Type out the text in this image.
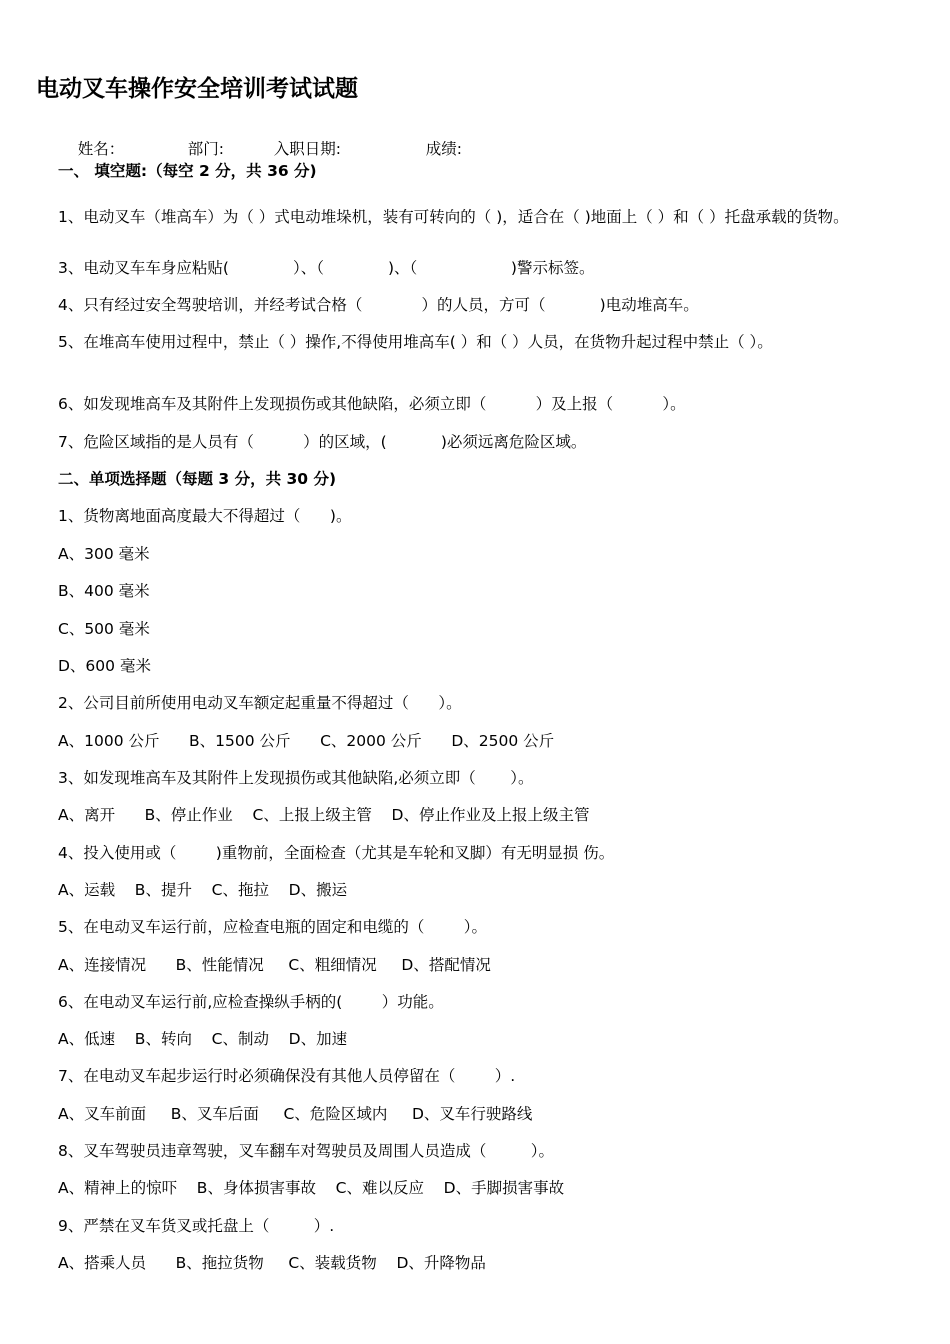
电动叉车操作安全培训考试试题

姓名：	部门:	入职日期:	成绩:

一、 填空题:（每空 2 分，共 36 分)
1、电动叉车（堆高车）为（ ）式电动堆垛机，装有可转向的（ )，适合在（ )地面上（ ）和（ ）托盘承载的货物。
3、电动叉车车身应粘贴(             ）、（             )、（                   )警示标签。
4、只有经过安全驾驶培训，并经考试合格（            ）的人员，方可（           )电动堆高车。
5、在堆高车使用过程中，禁止（ ）操作,不得使用堆高车( ）和（ ）人员，在货物升起过程中禁止（ ）。
6、如发现堆高车及其附件上发现损伤或其他缺陷，必须立即（          ）及上报（          ）。
7、危险区域指的是人员有（          ）的区域，(           )必须远离危险区域。
二、单项选择题（每题 3 分，共 30 分)
1、货物离地面高度最大不得超过（      )。
A、300 毫米
B、400 毫米
C、500 毫米
D、600 毫米
2、公司目前所使用电动叉车额定起重量不得超过（      ）。
A、1000 公斤      B、1500 公斤      C、2000 公斤      D、2500 公斤
3、如发现堆高车及其附件上发现损伤或其他缺陷,必须立即（       ）。
A、离开      B、停止作业    C、上报上级主管    D、停止作业及上报上级主管
4、投入使用或（        )重物前，全面检查（尤其是车轮和叉脚）有无明显损 伤。
A、运载    B、提升    C、拖拉    D、搬运
5、在电动叉车运行前，应检查电瓶的固定和电缆的（        ）。
A、连接情况      B、性能情况     C、粗细情况     D、搭配情况
6、在电动叉车运行前,应检查操纵手柄的(        ）功能。
A、低速    B、转向    C、制动    D、加速
7、在电动叉车起步运行时必须确保没有其他人员停留在（        ）.
A、叉车前面     B、叉车后面     C、危险区域内     D、叉车行驶路线
8、叉车驾驶员违章驾驶，叉车翻车对驾驶员及周围人员造成（         ）。
A、精神上的惊吓    B、身体损害事故    C、难以反应    D、手脚损害事故
9、严禁在叉车货叉或托盘上（         ）.
A、搭乘人员      B、拖拉货物     C、装载货物    D、升降物品
